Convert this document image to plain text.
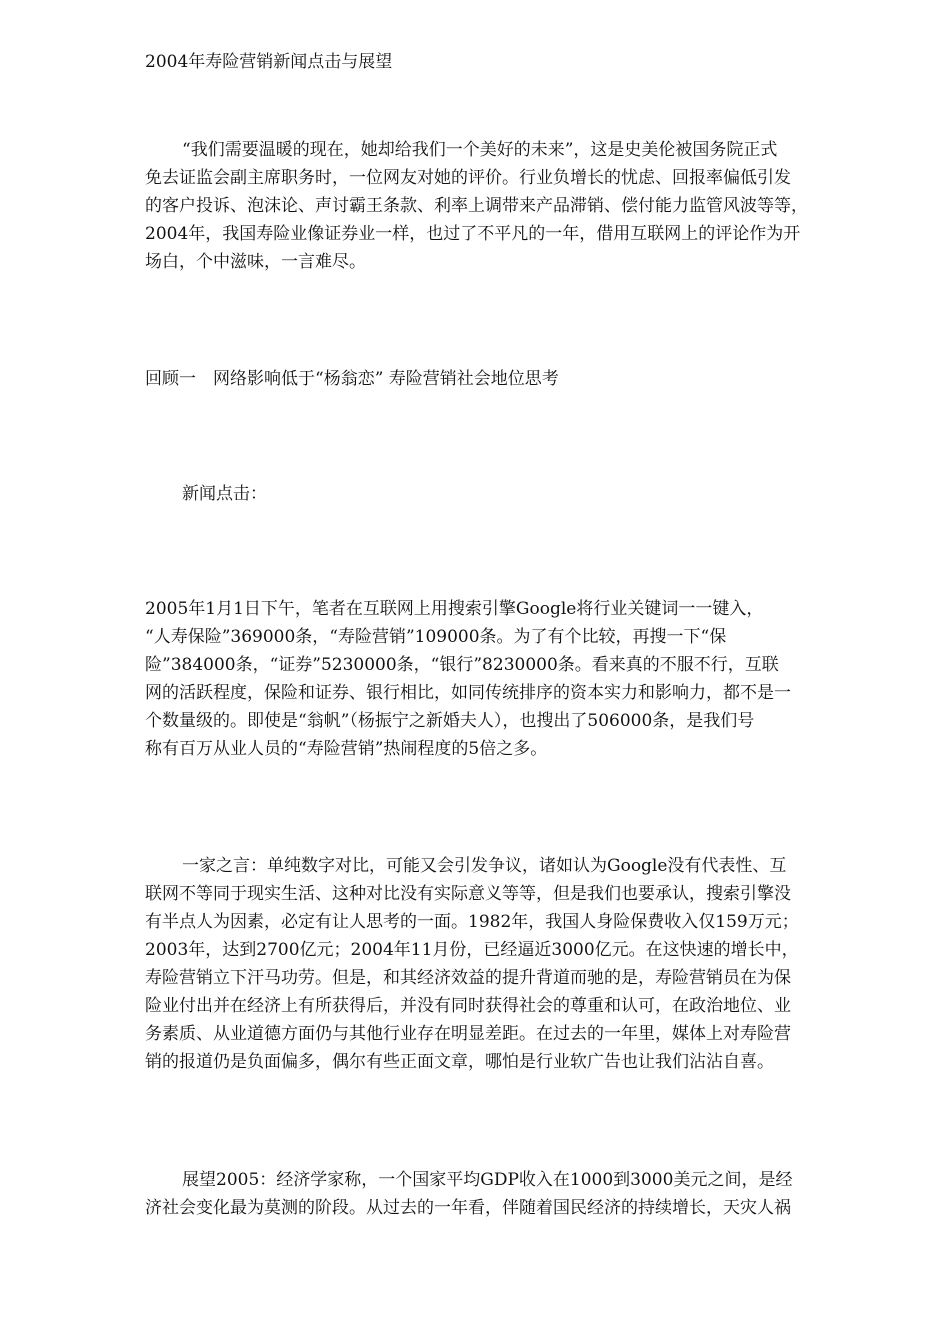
2004年寿险营销新闻点击与展望
“我们需要温暖的现在，她却给我们一个美好的未来”，这是史美伦被国务院正式
免去证监会副主席职务时，一位网友对她的评价。行业负增长的忧虑、回报率偏低引发
的客户投诉、泡沫论、声讨霸王条款、利率上调带来产品滞销、偿付能力监管风波等等，
2004年，我国寿险业像证券业一样，也过了不平凡的一年，借用互联网上的评论作为开
场白，个中滋味，一言难尽。
回顾一　网络影响低于“杨翁恋” 寿险营销社会地位思考
新闻点击：
2005年1月1日下午，笔者在互联网上用搜索引擎Google将行业关键词一一键入，
“人寿保险”369000条，“寿险营销”109000条。为了有个比较，再搜一下“保
险”384000条，“证券”5230000条，“银行”8230000条。看来真的不服不行，互联
网的活跃程度，保险和证券、银行相比，如同传统排序的资本实力和影响力，都不是一
个数量级的。即使是“翁帆”（杨振宁之新婚夫人），也搜出了506000条，是我们号
称有百万从业人员的“寿险营销”热闹程度的5倍之多。
一家之言：单纯数字对比，可能又会引发争议，诸如认为Google没有代表性、互
联网不等同于现实生活、这种对比没有实际意义等等，但是我们也要承认，搜索引擎没
有半点人为因素，必定有让人思考的一面。1982年，我国人身险保费收入仅159万元；
2003年，达到2700亿元；2004年11月份，已经逼近3000亿元。在这快速的增长中，
寿险营销立下汗马功劳。但是，和其经济效益的提升背道而驰的是，寿险营销员在为保
险业付出并在经济上有所获得后，并没有同时获得社会的尊重和认可，在政治地位、业
务素质、从业道德方面仍与其他行业存在明显差距。在过去的一年里，媒体上对寿险营
销的报道仍是负面偏多，偶尔有些正面文章，哪怕是行业软广告也让我们沾沾自喜。
展望2005：经济学家称，一个国家平均GDP收入在1000到3000美元之间，是经
济社会变化最为莫测的阶段。从过去的一年看，伴随着国民经济的持续增长，天灾人祸
